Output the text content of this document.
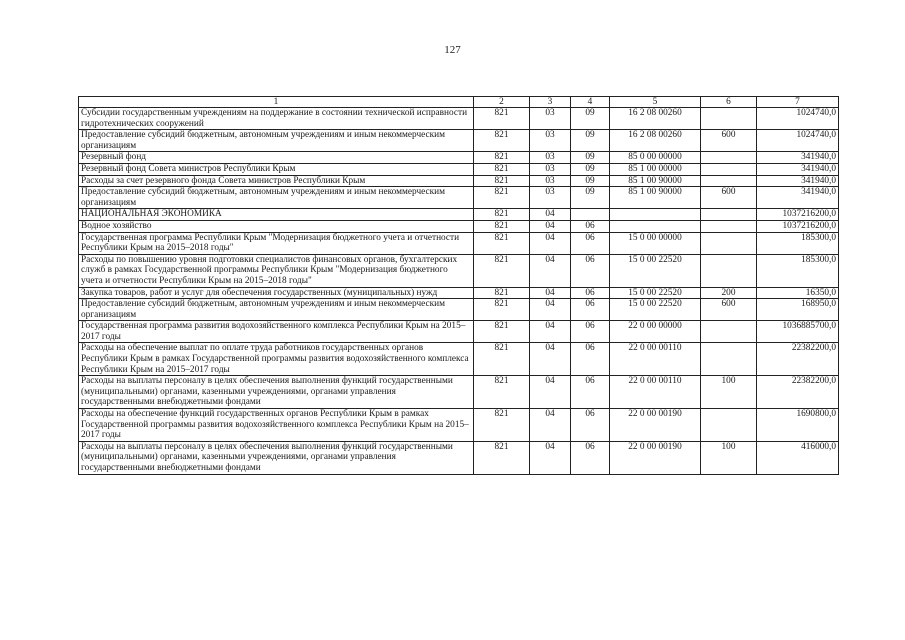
127
1	2	3	4	5	6	7
Субсидии государственным учреждениям на поддержание в состоянии технической исправности гидротехнических сооружений	821	03	09	16 2 08 00260		1024740,0
Предоставление субсидий бюджетным, автономным учреждениям и иным некоммерческим организациям	821	03	09	16 2 08 00260	600	1024740,0
Резервный фонд	821	03	09	85 0 00 00000		341940,0
Резервный фонд Совета министров Республики Крым	821	03	09	85 1 00 00000		341940,0
Расходы за счет резервного фонда Совета министров Республики Крым	821	03	09	85 1 00 90000		341940,0
Предоставление субсидий бюджетным, автономным учреждениям и иным некоммерческим организациям	821	03	09	85 1 00 90000	600	341940,0
НАЦИОНАЛЬНАЯ ЭКОНОМИКА	821	04				1037216200,0
Водное хозяйство	821	04	06			1037216200,0
Государственная программа Республики Крым "Модернизация бюджетного учета и отчетности Республики Крым на 2015–2018 годы"	821	04	06	15 0 00 00000		185300,0
Расходы по повышению уровня подготовки специалистов финансовых органов, бухгалтерских служб в рамках Государственной программы Республики Крым "Модернизация бюджетного учета и отчетности Республики Крым на 2015–2018 годы"	821	04	06	15 0 00 22520		185300,0
Закупка товаров, работ и услуг для обеспечения государственных (муниципальных) нужд	821	04	06	15 0 00 22520	200	16350,0
Предоставление субсидий бюджетным, автономным учреждениям и иным некоммерческим организациям	821	04	06	15 0 00 22520	600	168950,0
Государственная программа развития водохозяйственного комплекса Республики Крым на 2015–2017 годы	821	04	06	22 0 00 00000		1036885700,0
Расходы на обеспечение выплат по оплате труда работников государственных органов Республики Крым в рамках Государственной программы развития водохозяйственного комплекса Республики Крым на 2015–2017 годы	821	04	06	22 0 00 00110		22382200,0
Расходы на выплаты персоналу в целях обеспечения выполнения функций государственными (муниципальными) органами, казенными учреждениями, органами управления государственными внебюджетными фондами	821	04	06	22 0 00 00110	100	22382200,0
Расходы на обеспечение функций государственных органов Республики Крым в рамках Государственной программы развития водохозяйственного комплекса Республики Крым на 2015–2017 годы	821	04	06	22 0 00 00190		1690800,0
Расходы на выплаты персоналу в целях обеспечения выполнения функций государственными (муниципальными) органами, казенными учреждениями, органами управления государственными внебюджетными фондами	821	04	06	22 0 00 00190	100	416000,0
